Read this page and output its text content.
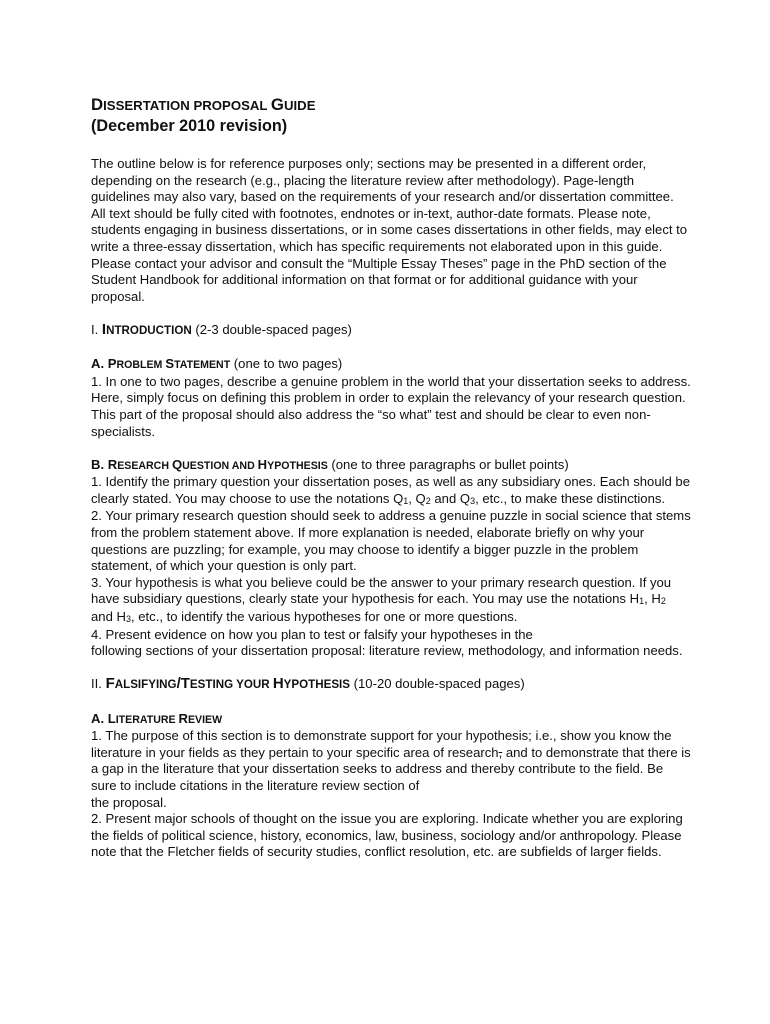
DISSERTATION PROPOSAL GUIDE
(December 2010 revision)

The outline below is for reference purposes only; sections may be presented in a different order, depending on the research (e.g., placing the literature review after methodology). Page-length guidelines may also vary, based on the requirements of your research and/or dissertation committee. All text should be fully cited with footnotes, endnotes or in-text, author-date formats. Please note, students engaging in business dissertations, or in some cases dissertations in other fields, may elect to write a three-essay dissertation, which has specific requirements not elaborated upon in this guide. Please contact your advisor and consult the “Multiple Essay Theses” page in the PhD section of the Student Handbook for additional information on that format or for additional guidance with your proposal.

I. INTRODUCTION (2-3 double-spaced pages)

A. PROBLEM STATEMENT (one to two pages)

1. In one to two pages, describe a genuine problem in the world that your dissertation seeks to address. Here, simply focus on defining this problem in order to explain the relevancy of your research question. This part of the proposal should also address the “so what” test and should be clear to even non-specialists.

B. RESEARCH QUESTION AND HYPOTHESIS (one to three paragraphs or bullet points)

1. Identify the primary question your dissertation poses, as well as any subsidiary ones. Each should be clearly stated. You may choose to use the notations $Q_1$, $Q_2$ and $Q_3$, etc., to make these distinctions.

2. Your primary research question should seek to address a genuine puzzle in social science that stems from the problem statement above. If more explanation is needed, elaborate briefly on why your questions are puzzling; for example, you may choose to identify a bigger puzzle in the problem statement, of which your question is only part.

3. Your hypothesis is what you believe could be the answer to your primary research question. If you have subsidiary questions, clearly state your hypothesis for each. You may use the notations $H_1$, $H_2$ and $H_3$, etc., to identify the various hypotheses for one or more questions.

4. Present evidence on how you plan to test or falsify your hypotheses in the
following sections of your dissertation proposal: literature review, methodology, and information needs.

II. FALSIFYING/TESTING YOUR HYPOTHESIS (10-20 double-spaced pages)

A. LITERATURE REVIEW

1. The purpose of this section is to demonstrate support for your hypothesis; i.e., show you know the literature in your fields as they pertain to your specific area of research, and to demonstrate that there is a gap in the literature that your dissertation seeks to address and thereby contribute to the field. Be sure to include citations in the literature review section of
the proposal.

2. Present major schools of thought on the issue you are exploring. Indicate whether you are exploring the fields of political science, history, economics, law, business, sociology and/or anthropology. Please note that the Fletcher fields of security studies, conflict resolution, etc. are subfields of larger fields.
